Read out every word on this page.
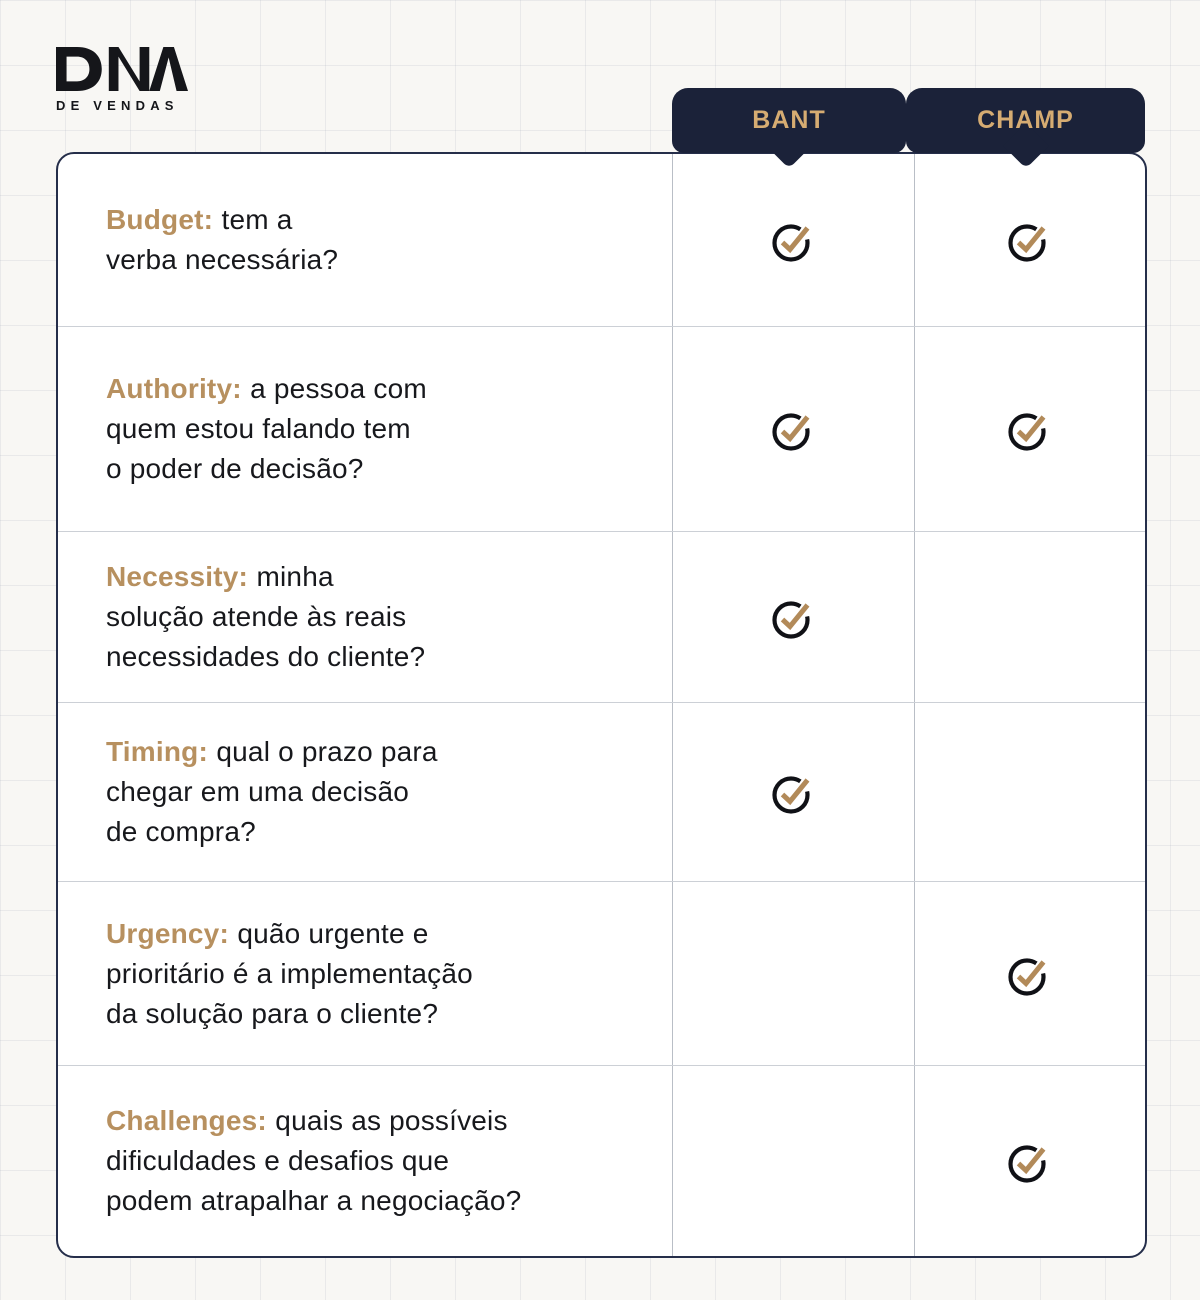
DE VENDAS
BANT	CHAMP
Budget: tem a
verba necessária?
Authority: a pessoa com
quem estou falando tem
o poder de decisão?
Necessity: minha
solução atende às reais
necessidades do cliente?
Timing: qual o prazo para
chegar em uma decisão
de compra?
Urgency: quão urgente e
prioritário é a implementação
da solução para o cliente?
Challenges: quais as possíveis
dificuldades e desafios que
podem atrapalhar a negociação?
